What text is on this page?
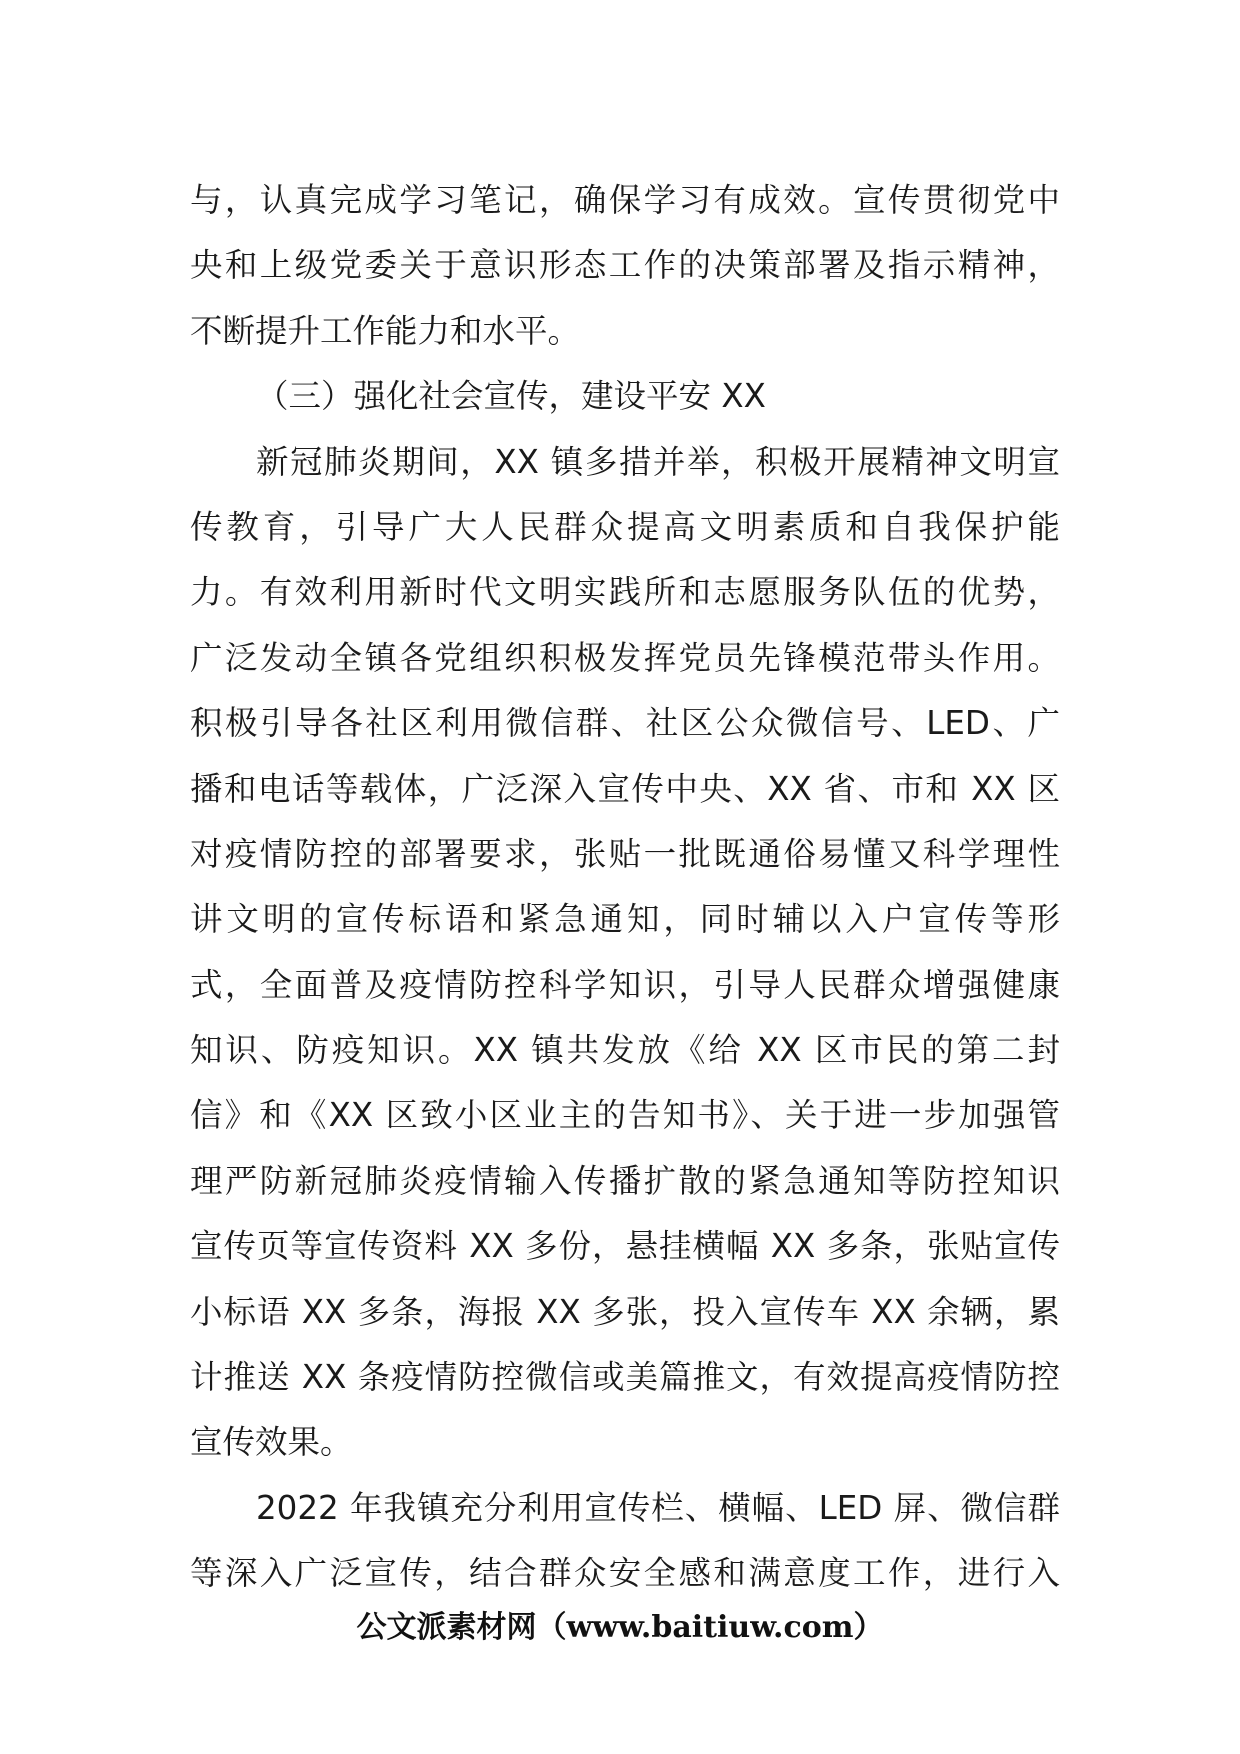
与，认真完成学习笔记，确保学习有成效。宣传贯彻党中
央和上级党委关于意识形态工作的决策部署及指示精神，
不断提升工作能力和水平。
（三）强化社会宣传，建设平安 XX
新冠肺炎期间，XX 镇多措并举，积极开展精神文明宣
传教育，引导广大人民群众提高文明素质和自我保护能
力。有效利用新时代文明实践所和志愿服务队伍的优势，
广泛发动全镇各党组织积极发挥党员先锋模范带头作用。
积极引导各社区利用微信群、社区公众微信号、LED、广
播和电话等载体，广泛深入宣传中央、XX 省、市和 XX 区
对疫情防控的部署要求，张贴一批既通俗易懂又科学理性
讲文明的宣传标语和紧急通知，同时辅以入户宣传等形
式，全面普及疫情防控科学知识，引导人民群众增强健康
知识、防疫知识。XX 镇共发放《给 XX 区市民的第二封
信》和《XX 区致小区业主的告知书》、关于进一步加强管
理严防新冠肺炎疫情输入传播扩散的紧急通知等防控知识
宣传页等宣传资料 XX 多份，悬挂横幅 XX 多条，张贴宣传
小标语 XX 多条，海报 XX 多张，投入宣传车 XX 余辆，累
计推送 XX 条疫情防控微信或美篇推文，有效提高疫情防控
宣传效果。
2022 年我镇充分利用宣传栏、横幅、LED 屏、微信群
等深入广泛宣传，结合群众安全感和满意度工作，进行入
公文派素材网（www.baitiuw.com）
